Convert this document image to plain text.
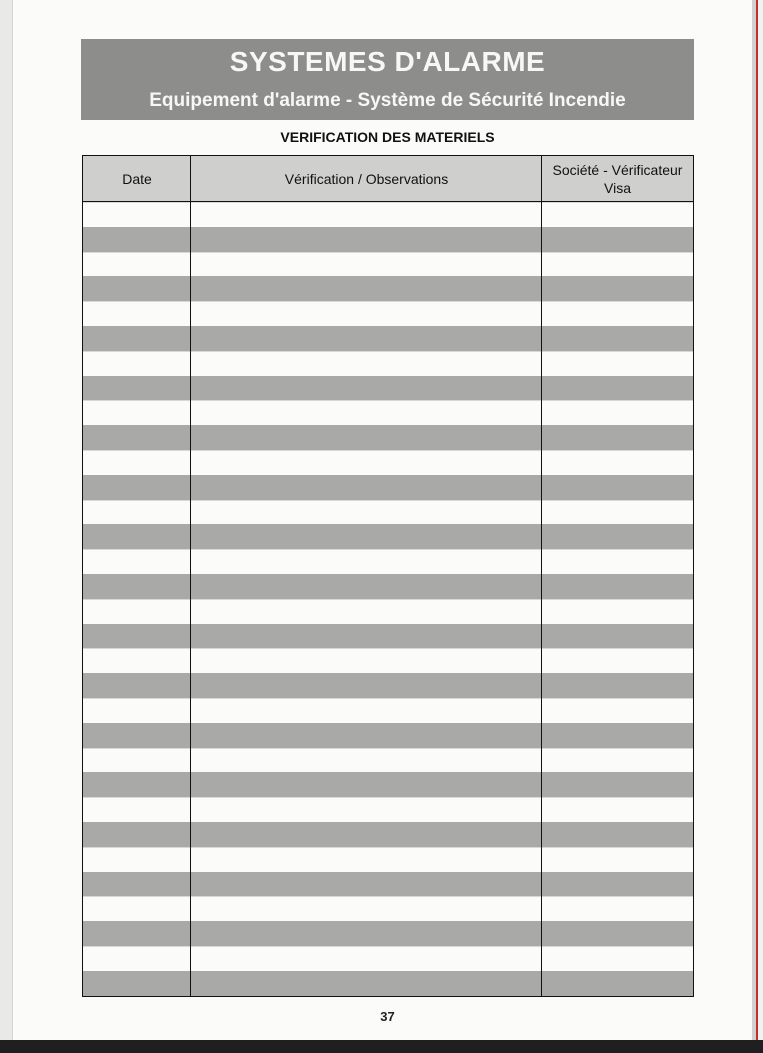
SYSTEMES D'ALARME
Equipement d'alarme - Système de Sécurité Incendie
VERIFICATION DES MATERIELS
Date	Vérification / Observations
Société - Vérificateur
Visa
37
